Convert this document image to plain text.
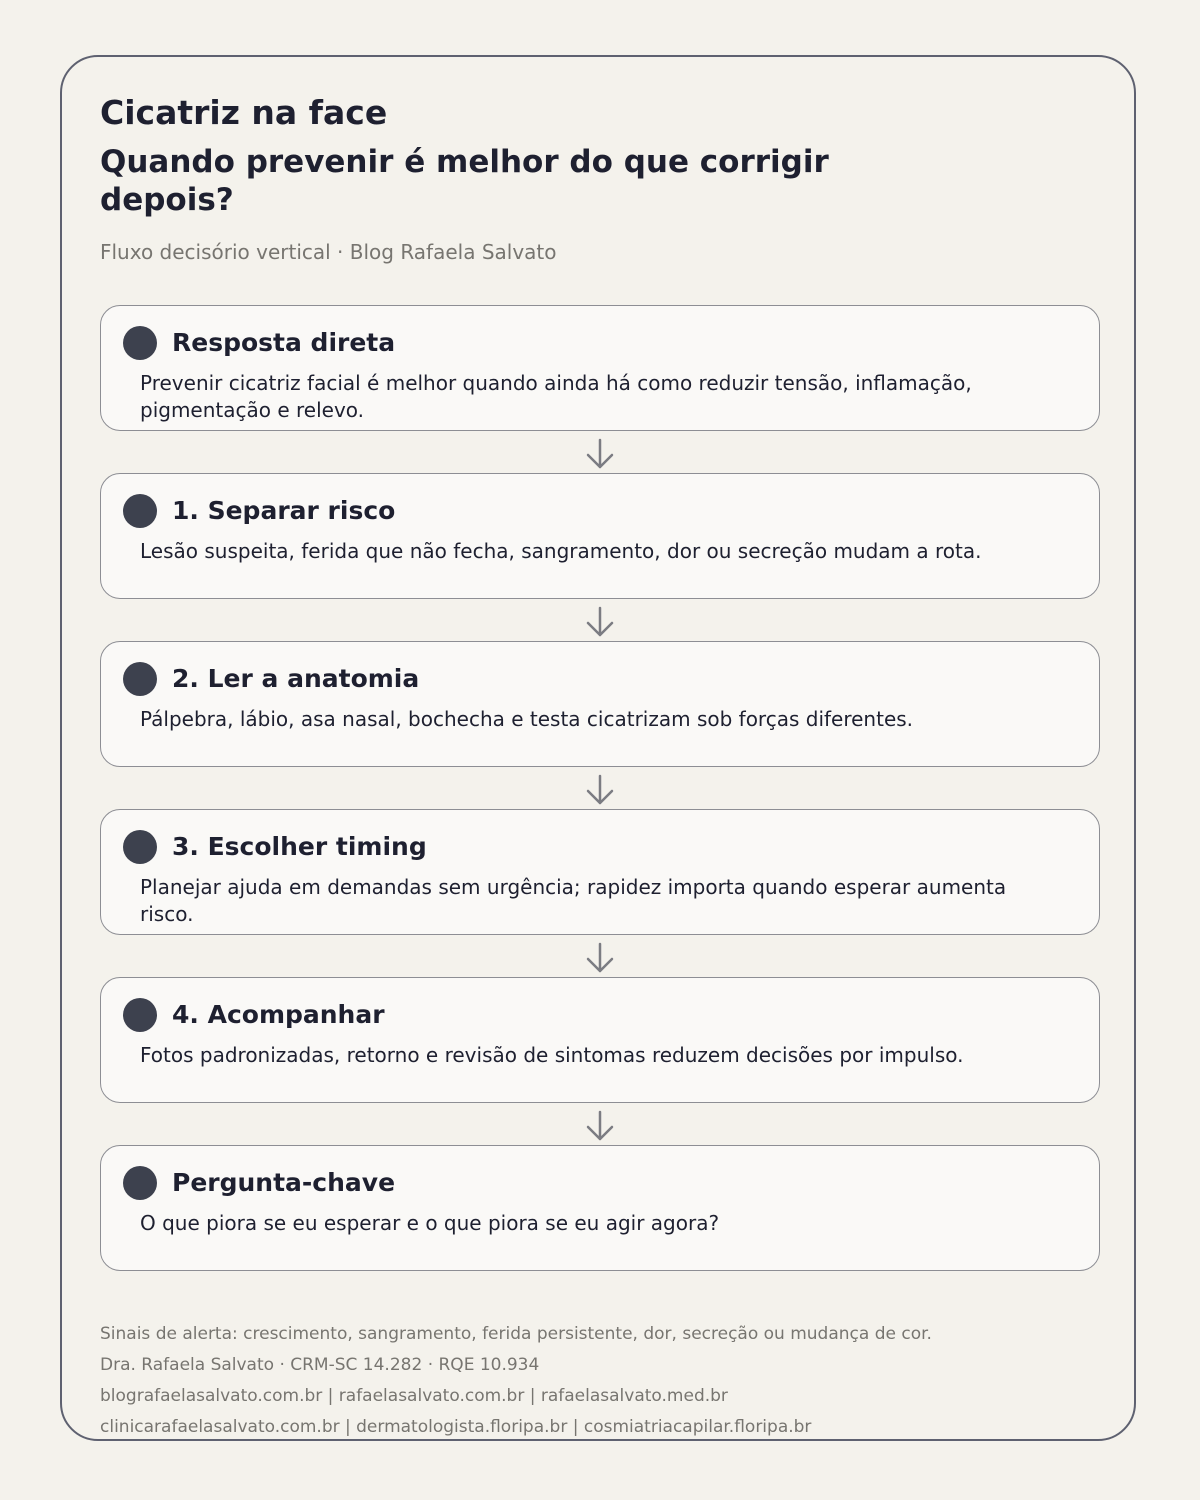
Cicatriz na face
Quando prevenir é melhor do que corrigir depois?
Fluxo decisório vertical · Blog Rafaela Salvato
Resposta direta
Prevenir cicatriz facial é melhor quando ainda há como reduzir tensão, inflamação, pigmentação e relevo.
1. Separar risco
Lesão suspeita, ferida que não fecha, sangramento, dor ou secreção mudam a rota.
2. Ler a anatomia
Pálpebra, lábio, asa nasal, bochecha e testa cicatrizam sob forças diferentes.
3. Escolher timing
Planejar ajuda em demandas sem urgência; rapidez importa quando esperar aumenta risco.
4. Acompanhar
Fotos padronizadas, retorno e revisão de sintomas reduzem decisões por impulso.
Pergunta-chave
O que piora se eu esperar e o que piora se eu agir agora?
Sinais de alerta: crescimento, sangramento, ferida persistente, dor, secreção ou mudança de cor.
Dra. Rafaela Salvato · CRM-SC 14.282 · RQE 10.934
blografaelasalvato.com.br | rafaelasalvato.com.br | rafaelasalvato.med.br
clinicarafaelasalvato.com.br | dermatologista.floripa.br | cosmiatriacapilar.floripa.br
